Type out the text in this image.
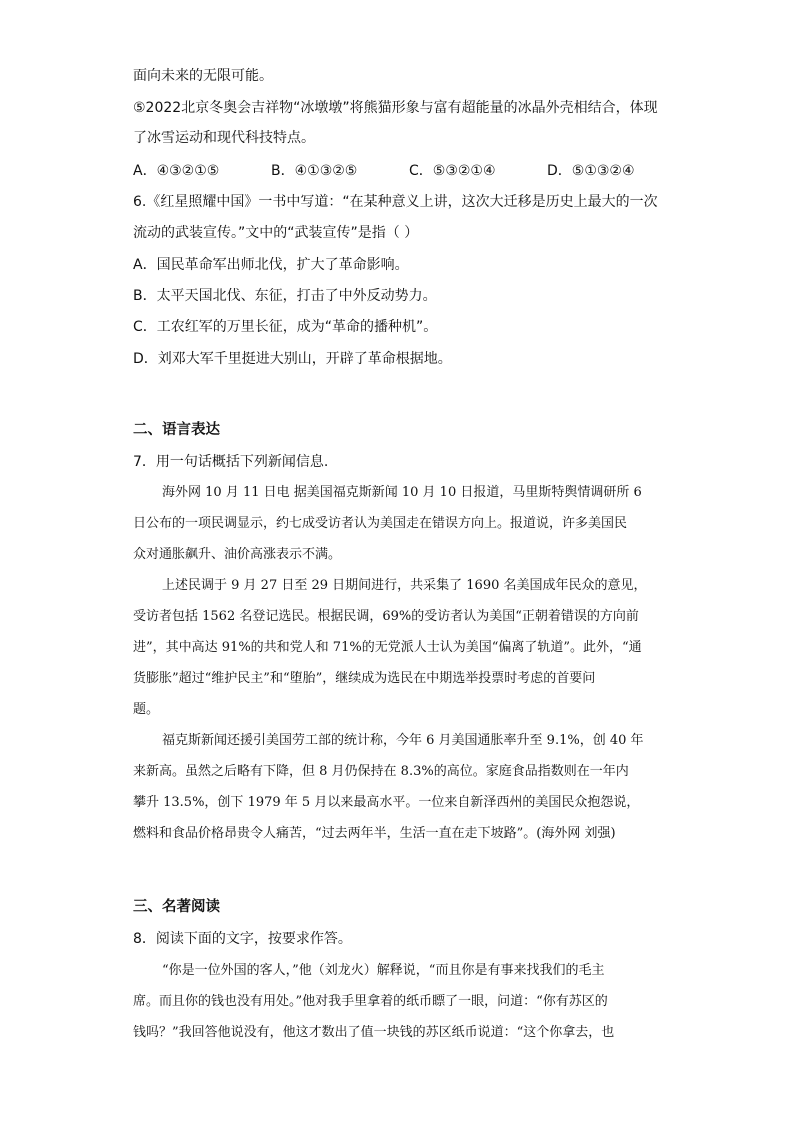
面向未来的无限可能。
⑤2022北京冬奥会吉祥物“冰墩墩”将熊猫形象与富有超能量的冰晶外壳相结合，体现
了冰雪运动和现代科技特点。
A．④③②①⑤	B．④①③②⑤	C．⑤③②①④	D．⑤①③②④
6.《红星照耀中国》一书中写道：“在某种意义上讲，这次大迁移是历史上最大的一次
流动的武装宣传。”文中的“武装宣传”是指（ ）
A．国民革命军出师北伐，扩大了革命影响。
B．太平天国北伐、东征，打击了中外反动势力。
C．工农红军的万里长征，成为“革命的播种机”。
D．刘邓大军千里挺进大别山，开辟了革命根据地。
二、语言表达
7．用一句话概括下列新闻信息.
海外网 10 月 11 日电 据美国福克斯新闻 10 月 10 日报道，马里斯特舆情调研所 6
日公布的一项民调显示，约七成受访者认为美国走在错误方向上。报道说，许多美国民
众对通胀飙升、油价高涨表示不满。
上述民调于 9 月 27 日至 29 日期间进行，共采集了 1690 名美国成年民众的意见，
受访者包括 1562 名登记选民。根据民调，69%的受访者认为美国“正朝着错误的方向前
进”，其中高达 91%的共和党人和 71%的无党派人士认为美国“偏离了轨道”。此外，“通
货膨胀”超过“维护民主”和“堕胎”，继续成为选民在中期选举投票时考虑的首要问
题。
福克斯新闻还援引美国劳工部的统计称，今年 6 月美国通胀率升至 9.1%，创 40 年
来新高。虽然之后略有下降，但 8 月仍保持在 8.3%的高位。家庭食品指数则在一年内
攀升 13.5%，创下 1979 年 5 月以来最高水平。一位来自新泽西州的美国民众抱怨说，
燃料和食品价格昂贵令人痛苦，“过去两年半，生活一直在走下坡路”。(海外网 刘强)
三、名著阅读
8．阅读下面的文字，按要求作答。
“你是一位外国的客人，”他（刘龙火）解释说，“而且你是有事来找我们的毛主
席。而且你的钱也没有用处。”他对我手里拿着的纸币瞟了一眼，问道：“你有苏区的
钱吗？”我回答他说没有，他这才数出了值一块钱的苏区纸币说道：“这个你拿去，也
